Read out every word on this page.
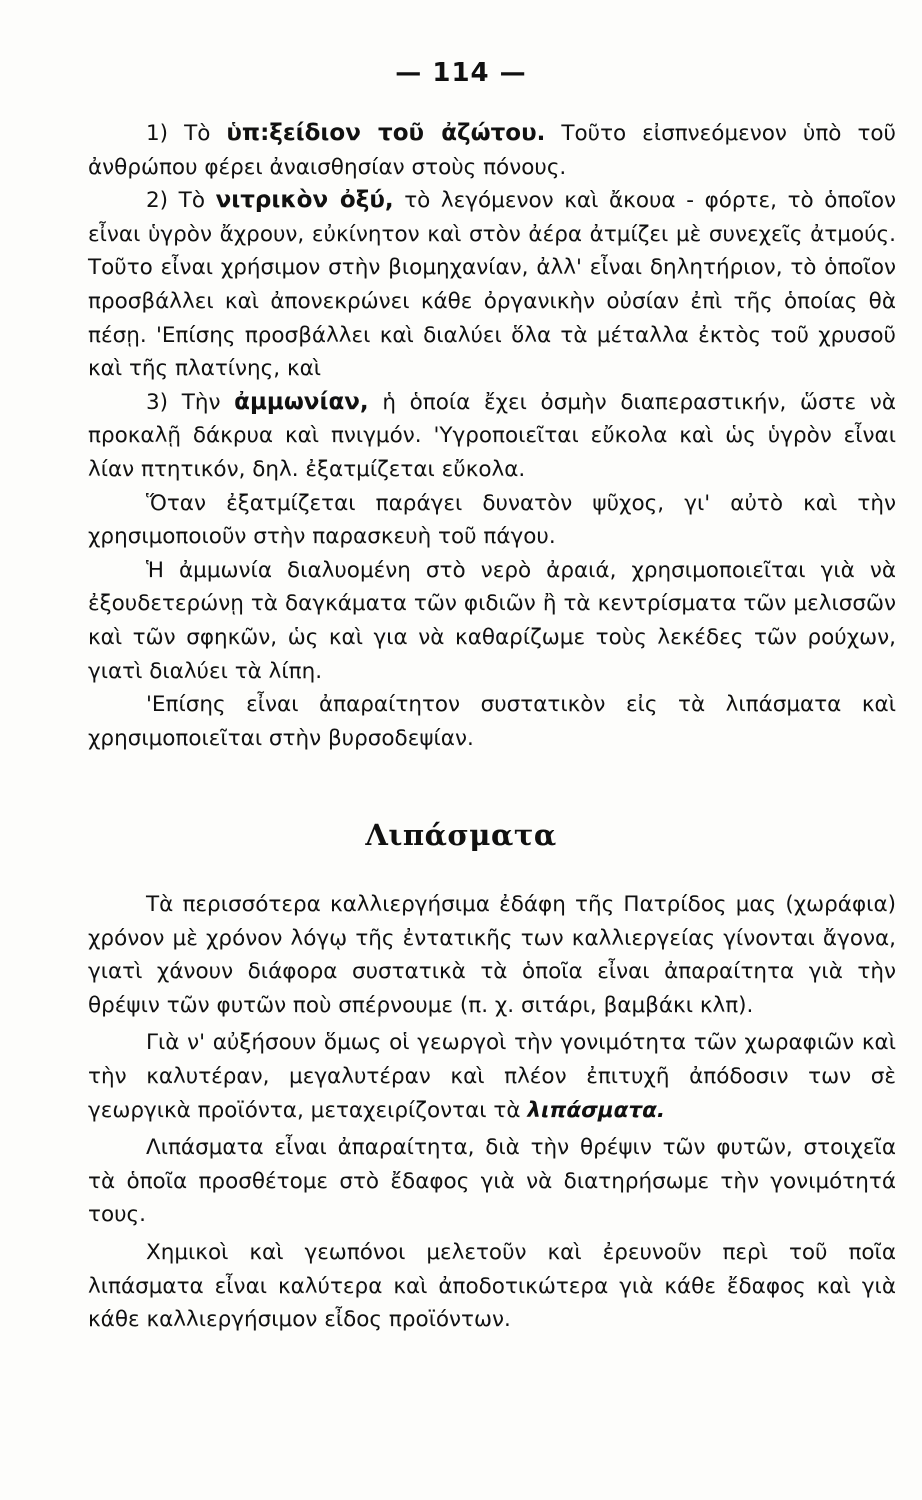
— 114 —

1) Τὸ ὑπ:ξείδιον τοῦ ἀζώτου. Τοῦτο εἰσπνεόμενον ὑπὸ τοῦ ἀνθρώπου φέρει ἀναισθησίαν στοὺς πόνους.

2) Τὸ νιτρικὸν ὀξύ, τὸ λεγόμενον καὶ ἄκουα - φόρτε, τὸ ὁποῖον εἶναι ὑγρὸν ἄχρουν, εὐκίνητον καὶ στὸν ἀέρα ἀτμίζει μὲ συνεχεῖς ἀτμούς. Τοῦτο εἶναι χρήσιμον στὴν βιομηχανίαν, ἀλλ' εἶναι δηλητήριον, τὸ ὁποῖον προσβάλλει καὶ ἀπονεκρώνει κάθε ὀργανικὴν οὐσίαν ἐπὶ τῆς ὁποίας θὰ πέσῃ. 'Επίσης προσβάλλει καὶ διαλύει ὅλα τὰ μέταλλα ἐκτὸς τοῦ χρυσοῦ καὶ τῆς πλατίνης, καὶ

3) Τὴν ἀμμωνίαν, ἡ ὁποία ἔχει ὀσμὴν διαπεραστικήν, ὥστε νὰ προκαλῇ δάκρυα καὶ πνιγμόν. 'Υγροποιεῖται εὔκολα καὶ ὡς ὑγρὸν εἶναι λίαν πτητικόν, δηλ. ἐξατμίζεται εὔκολα.

Ὅταν ἐξατμίζεται παράγει δυνατὸν ψῦχος, γι' αὐτὸ καὶ τὴν χρησιμοποιοῦν στὴν παρασκευὴ τοῦ πάγου.

Ἡ ἀμμωνία διαλυομένη στὸ νερὸ ἀραιά, χρησιμοποιεῖται γιὰ νὰ ἐξουδετερώνῃ τὰ δαγκάματα τῶν φιδιῶν ἢ τὰ κεντρίσματα τῶν μελισσῶν καὶ τῶν σφηκῶν, ὡς καὶ για νὰ καθαρίζωμε τοὺς λεκέδες τῶν ρούχων, γιατὶ διαλύει τὰ λίπη.

'Επίσης εἶναι ἀπαραίτητον συστατικὸν εἰς τὰ λιπάσματα καὶ χρησιμοποιεῖται στὴν βυρσοδεψίαν.

Λιπάσματα

Τὰ περισσότερα καλλιεργήσιμα ἐδάφη τῆς Πατρίδος μας (χωράφια) χρόνον μὲ χρόνον λόγῳ τῆς ἐντατικῆς των καλλιεργείας γίνονται ἄγονα, γιατὶ χάνουν διάφορα συστατικὰ τὰ ὁποῖα εἶναι ἀπαραίτητα γιὰ τὴν θρέψιν τῶν φυτῶν ποὺ σπέρνουμε (π. χ. σιτάρι, βαμβάκι κλπ).

Γιὰ ν' αὐξήσουν ὅμως οἱ γεωργοὶ τὴν γονιμότητα τῶν χωραφιῶν καὶ τὴν καλυτέραν, μεγαλυτέραν καὶ πλέον ἐπιτυχῆ ἀπόδοσιν των σὲ γεωργικὰ προϊόντα, μεταχειρίζονται τὰ λιπάσματα.

Λιπάσματα εἶναι ἀπαραίτητα, διὰ τὴν θρέψιν τῶν φυτῶν, στοιχεῖα τὰ ὁποῖα προσθέτομε στὸ ἔδαφος γιὰ νὰ διατηρήσωμε τὴν γονιμότητά τους.

Χημικοὶ καὶ γεωπόνοι μελετοῦν καὶ ἐρευνοῦν περὶ τοῦ ποῖα λιπάσματα εἶναι καλύτερα καὶ ἀποδοτικώτερα γιὰ κάθε ἔδαφος καὶ γιὰ κάθε καλλιεργήσιμον εἶδος προϊόντων.
